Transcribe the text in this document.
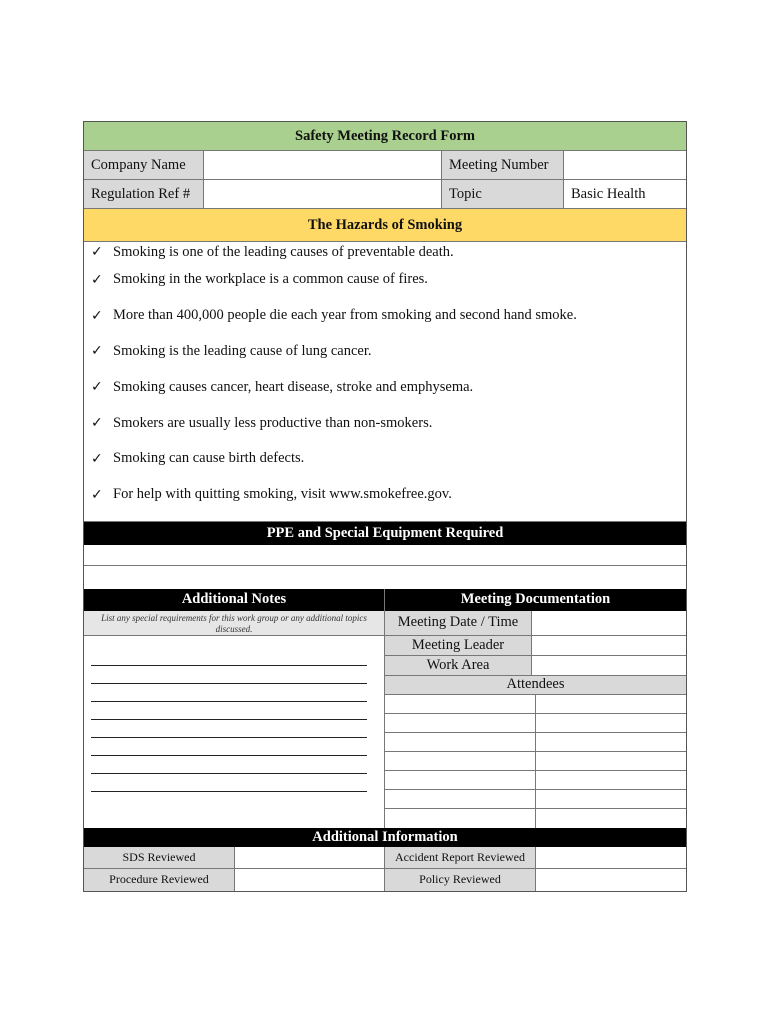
Safety Meeting Record Form
Company Name	Meeting Number
Regulation Ref #	Topic	Basic Health
The Hazards of Smoking
✓ Smoking is one of the leading causes of preventable death.
✓ Smoking in the workplace is a common cause of fires.
✓ More than 400,000 people die each year from smoking and second hand smoke.
✓ Smoking is the leading cause of lung cancer.
✓ Smoking causes cancer, heart disease, stroke and emphysema.
✓ Smokers are usually less productive than non-smokers.
✓ Smoking can cause birth defects.
✓ For help with quitting smoking, visit www.smokefree.gov.
PPE and Special Equipment Required
Additional Notes
List any special requirements for this work group or any additional topics discussed.
Meeting Documentation
Meeting Date / Time
Meeting Leader
Work Area
Attendees
Additional Information
SDS Reviewed	Accident Report Reviewed
Procedure Reviewed	Policy Reviewed
